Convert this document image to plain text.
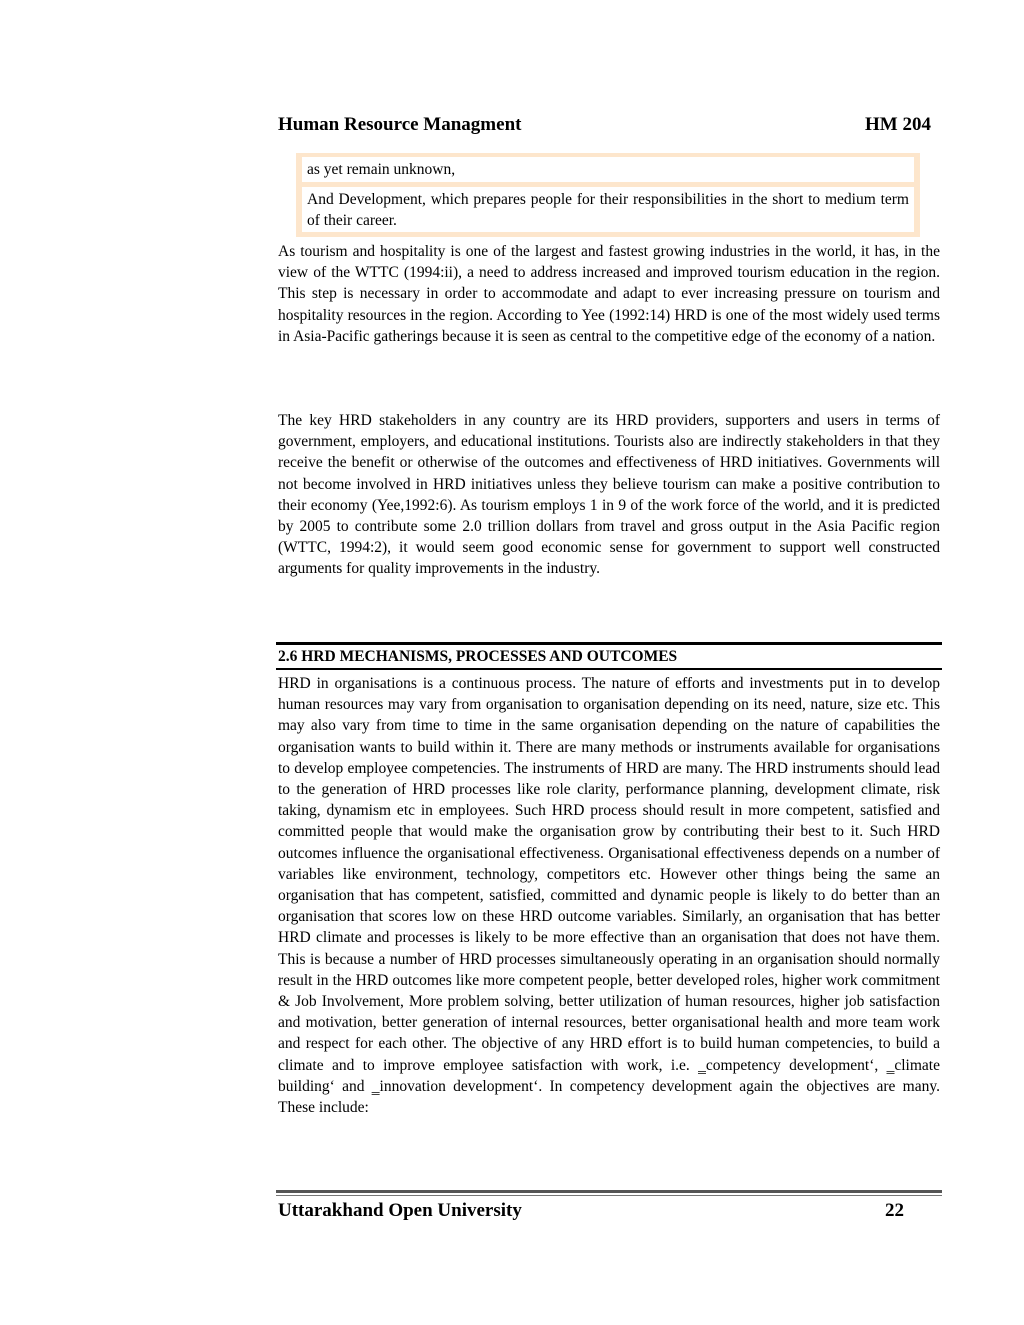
Human Resource Managment	HM 204
as yet remain unknown,
And Development, which prepares people for their responsibilities in the short to medium term of their career.

As tourism and hospitality is one of the largest and fastest growing industries in the world, it has, in the view of the WTTC (1994:ii), a need to address increased and improved tourism education in the region. This step is necessary in order to accommodate and adapt to ever increasing pressure on tourism and hospitality resources in the region. According to Yee (1992:14) HRD is one of the most widely used terms in Asia-Pacific gatherings because it is seen as central to the competitive edge of the economy of a nation.

The key HRD stakeholders in any country are its HRD providers, supporters and users in terms of government, employers, and educational institutions. Tourists also are indirectly stakeholders in that they receive the benefit or otherwise of the outcomes and effectiveness of HRD initiatives. Governments will not become involved in HRD initiatives unless they believe tourism can make a positive contribution to their economy (Yee,1992:6). As tourism employs 1 in 9 of the work force of the world, and it is predicted by 2005 to contribute some 2.0 trillion dollars from travel and gross output in the Asia Pacific region (WTTC, 1994:2), it would seem good economic sense for government to support well constructed arguments for quality improvements in the industry.

2.6 HRD MECHANISMS, PROCESSES AND OUTCOMES

HRD in organisations is a continuous process. The nature of efforts and investments put in to develop human resources may vary from organisation to organisation depending on its need, nature, size etc. This may also vary from time to time in the same organisation depending on the nature of capabilities the organisation wants to build within it. There are many methods or instruments available for organisations to develop employee competencies. The instruments of HRD are many. The HRD instruments should lead to the generation of HRD processes like role clarity, performance planning, development climate, risk taking, dynamism etc in employees. Such HRD process should result in more competent, satisfied and committed people that would make the organisation grow by contributing their best to it. Such HRD outcomes influence the organisational effectiveness. Organisational effectiveness depends on a number of variables like environment, technology, competitors etc. However other things being the same an organisation that has competent, satisfied, committed and dynamic people is likely to do better than an organisation that scores low on these HRD outcome variables. Similarly, an organisation that has better HRD climate and processes is likely to be more effective than an organisation that does not have them. This is because a number of HRD processes simultaneously operating in an organisation should normally result in the HRD outcomes like more competent people, better developed roles, higher work commitment & Job Involvement, More problem solving, better utilization of human resources, higher job satisfaction and motivation, better generation of internal resources, better organisational health and more team work and respect for each other. The objective of any HRD effort is to build human competencies, to build a climate and to improve employee satisfaction with work, i.e. ‗competency development‘, ‗climate building‘ and ‗innovation development‘. In competency development again the objectives are many. These include:

Uttarakhand Open University	22
